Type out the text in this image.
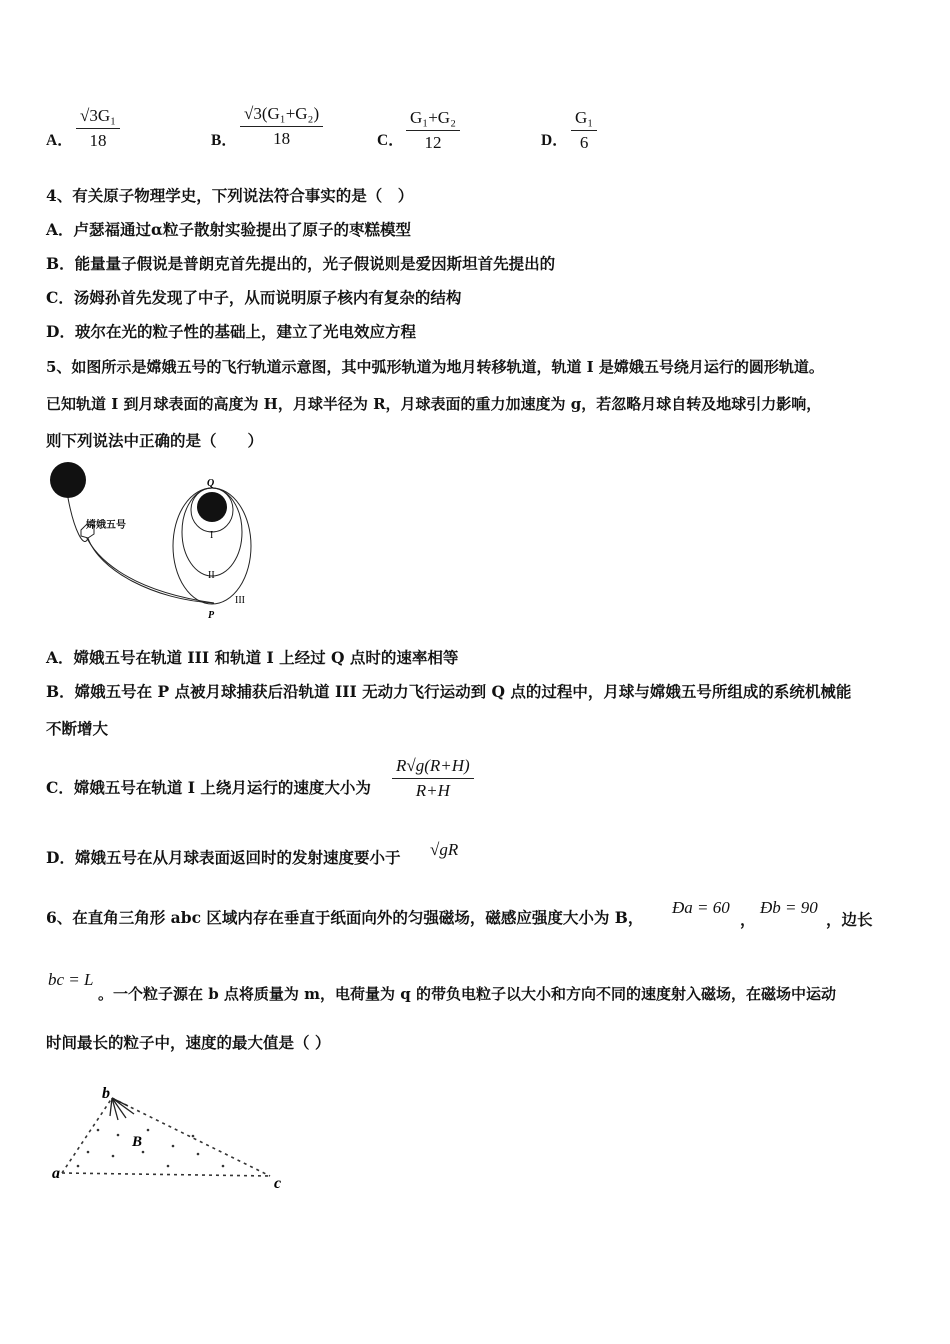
A．
√3G₁
18	B．
√3(G₁+G₂)
18	C．
G₁+G₂
12	D．
G₁
6
4、有关原子物理学史，下列说法符合事实的是（　）
A．卢瑟福通过α粒子散射实验提出了原子的枣糕模型
B．能量量子假说是普朗克首先提出的，光子假说则是爱因斯坦首先提出的
C．汤姆孙首先发现了中子，从而说明原子核内有复杂的结构
D．玻尔在光的粒子性的基础上，建立了光电效应方程
5、如图所示是嫦娥五号的飞行轨道示意图，其中弧形轨道为地月转移轨道，轨道 I 是嫦娥五号绕月运行的圆形轨道。
已知轨道 I 到月球表面的高度为 H，月球半径为 R，月球表面的重力加速度为 g，若忽略月球自转及地球引力影响，
则下列说法中正确的是（　　）
嫦娥五号
Q
I
II
III
P
A．嫦娥五号在轨道 III 和轨道 I 上经过 Q 点时的速率相等
B．嫦娥五号在 P 点被月球捕获后沿轨道 III 无动力飞行运动到 Q 点的过程中，月球与嫦娥五号所组成的系统机械能
不断增大
C．嫦娥五号在轨道 I 上绕月运行的速度大小为
R√g(R+H)
R+H
D．嫦娥五号在从月球表面返回时的发射速度要小于 √gR
6、在直角三角形 abc 区域内存在垂直于纸面向外的匀强磁场，磁感应强度大小为 B，
Ða = 60
，
Ðb = 90
，边长
bc = L
。一个粒子源在 b 点将质量为 m，电荷量为 q 的带负电粒子以大小和方向不同的速度射入磁场，在磁场中运动
时间最长的粒子中，速度的最大值是（ ）
b
a
c
B
